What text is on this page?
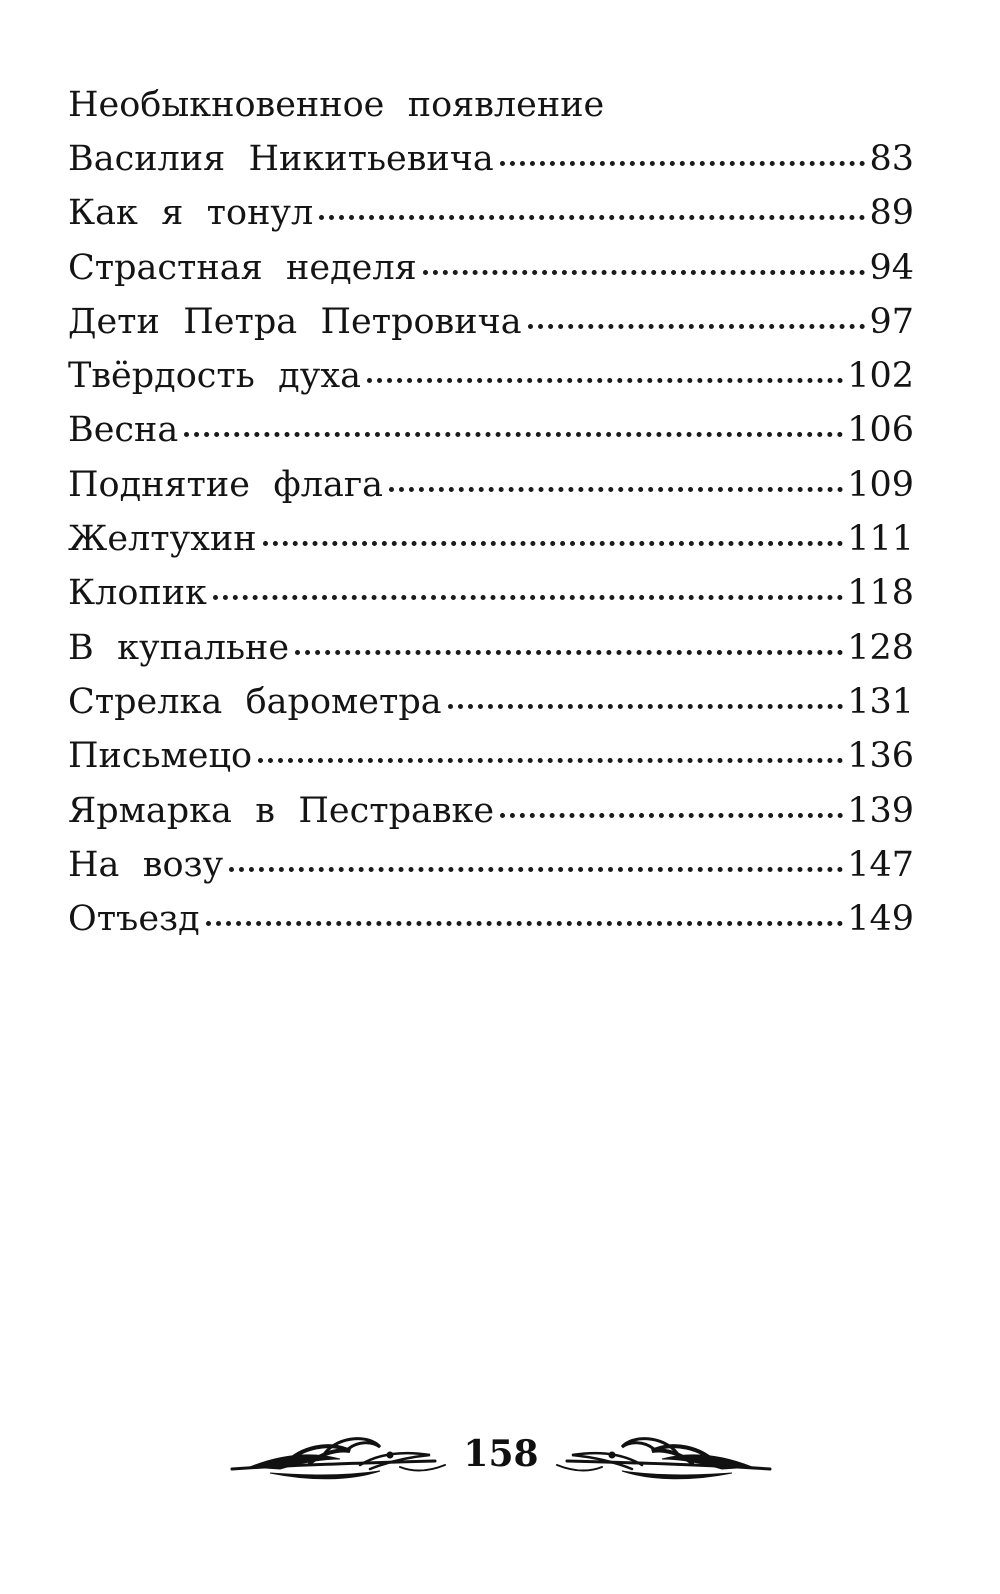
Необыкновенное появление
Василия Никитьевича	83
Как я тонул	89
Страстная неделя	94
Дети Петра Петровича	97
Твёрдость духа	102
Весна	106
Поднятие флага	109
Желтухин	111
Клопик	118
В купальне	128
Стрелка барометра	131
Письмецо	136
Ярмарка в Пестравке	139
На возу	147
Отъезд	149
158
